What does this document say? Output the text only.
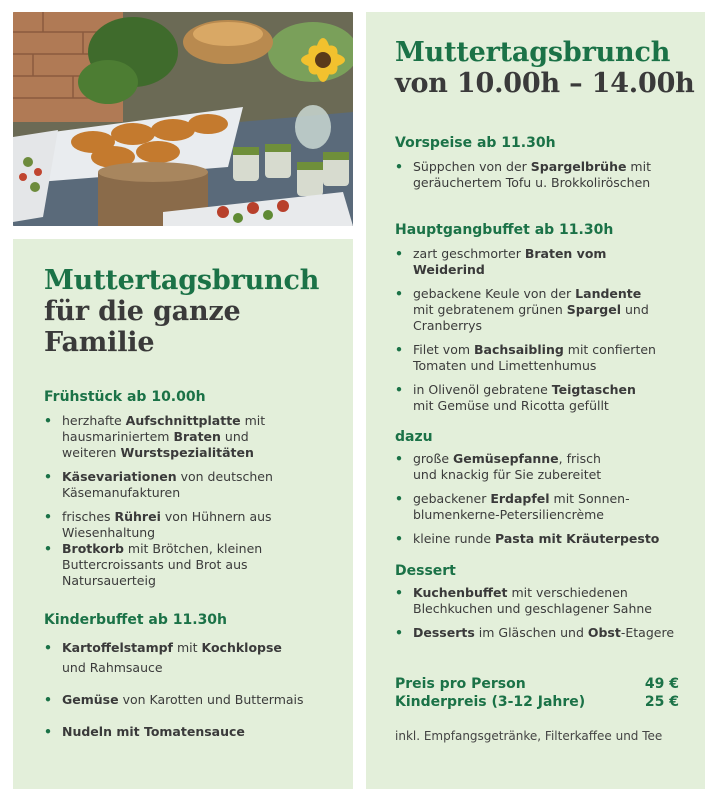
Muttertagsbrunch
für die ganze Familie
Frühstück ab 10.00h
• herzhafte Aufschnittplatte mit
hausmariniertem Braten und
weiteren Wurstspezialitäten
• Käsevariationen von deutschen
Käsemanufakturen
• frisches Rührei von Hühnern aus
Wiesenhaltung
• Brotkorb mit Brötchen, kleinen
Buttercroissants und Brot aus
Natursauerteig
Kinderbuffet ab 11.30h
• Kartoffelstampf mit Kochklopse
und Rahmsauce
• Gemüse von Karotten und Buttermais
• Nudeln mit Tomatensauce
Muttertagsbrunch
von 10.00h – 14.00h
Vorspeise ab 11.30h
• Süppchen von der Spargelbrühe mit
geräuchertem Tofu u. Brokkoliröschen
Hauptgangbuffet ab 11.30h
• zart geschmorter Braten vom
Weiderind
• gebackene Keule von der Landente
mit gebratenem grünen Spargel und
Cranberrys
• Filet vom Bachsaibling mit confierten
Tomaten und Limettenhumus
• in Olivenöl gebratene Teigtaschen
mit Gemüse und Ricotta gefüllt
dazu
• große Gemüsepfanne, frisch
und knackig für Sie zubereitet
• gebackener Erdapfel mit Sonnen-
blumenkerne-Petersiliencrème
• kleine runde Pasta mit Kräuterpesto
Dessert
• Kuchenbuffet mit verschiedenen
Blechkuchen und geschlagener Sahne
• Desserts im Gläschen und Obst-Etagere
Preis pro Person	49 €
Kinderpreis (3-12 Jahre)	25 €
inkl. Empfangsgetränke, Filterkaffee und Tee
